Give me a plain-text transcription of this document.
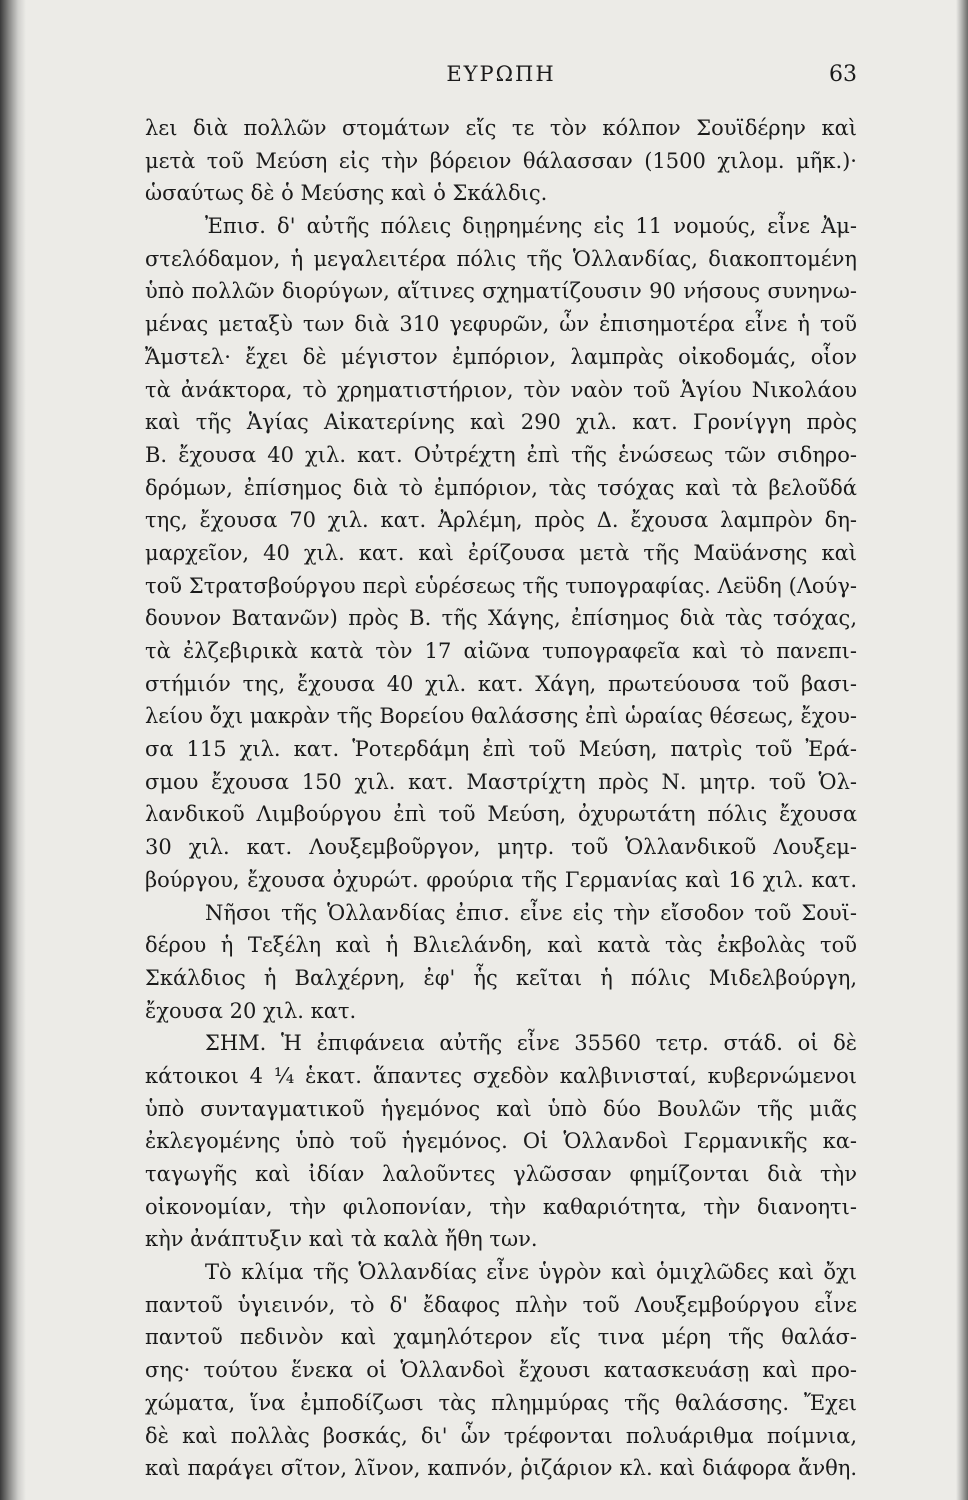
ΕΥΡΩΠΗ	63
λει διὰ πολλῶν στομάτων εἴς τε τὸν κόλπον Σουϊδέρην καὶ
μετὰ τοῦ Μεύση εἰς τὴν βόρειον θάλασσαν (1500 χιλομ. μῆκ.)·
ὡσαύτως δὲ ὁ Μεύσης καὶ ὁ Σκάλδις.
Ἐπισ. δ' αὐτῆς πόλεις διῃρημένης εἰς 11 νομούς, εἶνε Ἀμ-
στελόδαμον, ἡ μεγαλειτέρα πόλις τῆς Ὁλλανδίας, διακοπτομένη
ὑπὸ πολλῶν διορύγων, αἵτινες σχηματίζουσιν 90 νήσους συνηνω-
μένας μεταξὺ των διὰ 310 γεφυρῶν, ὧν ἐπισημοτέρα εἶνε ἡ τοῦ
Ἄμστελ· ἔχει δὲ μέγιστον ἐμπόριον, λαμπρὰς οἰκοδομάς, οἷον
τὰ ἀνάκτορα, τὸ χρηματιστήριον, τὸν ναὸν τοῦ Ἁγίου Νικολάου
καὶ τῆς Ἁγίας Αἰκατερίνης καὶ 290 χιλ. κατ. Γρονίγγη πρὸς
Β. ἔχουσα 40 χιλ. κατ. Οὐτρέχτη ἐπὶ τῆς ἑνώσεως τῶν σιδηρο-
δρόμων, ἐπίσημος διὰ τὸ ἐμπόριον, τὰς τσόχας καὶ τὰ βελοῦδά
της, ἔχουσα 70 χιλ. κατ. Ἀρλέμη, πρὸς Δ. ἔχουσα λαμπρὸν δη-
μαρχεῖον, 40 χιλ. κατ. καὶ ἐρίζουσα μετὰ τῆς Μαϋάνσης καὶ
τοῦ Στρατσβούργου περὶ εὑρέσεως τῆς τυπογραφίας. Λεϋδη (Λούγ-
δουνον Βατανῶν) πρὸς Β. τῆς Χάγης, ἐπίσημος διὰ τὰς τσόχας,
τὰ ἐλζεβιρικὰ κατὰ τὸν 17 αἰῶνα τυπογραφεῖα καὶ τὸ πανεπι-
στήμιόν της, ἔχουσα 40 χιλ. κατ. Χάγη, πρωτεύουσα τοῦ βασι-
λείου ὄχι μακρὰν τῆς Βορείου θαλάσσης ἐπὶ ὡραίας θέσεως, ἔχου-
σα 115 χιλ. κατ. Ῥοτερδάμη ἐπὶ τοῦ Μεύση, πατρὶς τοῦ Ἐρά-
σμου ἔχουσα 150 χιλ. κατ. Μαστρίχτη πρὸς Ν. μητρ. τοῦ Ὁλ-
λανδικοῦ Λιμβούργου ἐπὶ τοῦ Μεύση, ὀχυρωτάτη πόλις ἔχουσα
30 χιλ. κατ. Λουξεμβοῦργον, μητρ. τοῦ Ὁλλανδικοῦ Λουξεμ-
βούργου, ἔχουσα ὀχυρώτ. φρούρια τῆς Γερμανίας καὶ 16 χιλ. κατ.
Νῆσοι τῆς Ὁλλανδίας ἐπισ. εἶνε εἰς τὴν εἴσοδον τοῦ Σουϊ-
δέρου ἡ Τεξέλη καὶ ἡ Βλιελάνδη, καὶ κατὰ τὰς ἐκβολὰς τοῦ
Σκάλδιος ἡ Βαλχέρνη, ἐφ' ἧς κεῖται ἡ πόλις Μιδελβούργη,
ἔχουσα 20 χιλ. κατ.
ΣΗΜ. Ἡ ἐπιφάνεια αὐτῆς εἶνε 35560 τετρ. στάδ. οἱ δὲ
κάτοικοι 4 ¼ ἑκατ. ἅπαντες σχεδὸν καλβινισταί, κυβερνώμενοι
ὑπὸ συνταγματικοῦ ἡγεμόνος καὶ ὑπὸ δύο Βουλῶν τῆς μιᾶς
ἐκλεγομένης ὑπὸ τοῦ ἡγεμόνος. Οἱ Ὁλλανδοὶ Γερμανικῆς κα-
ταγωγῆς καὶ ἰδίαν λαλοῦντες γλῶσσαν φημίζονται διὰ τὴν
οἰκονομίαν, τὴν φιλοπονίαν, τὴν καθαριότητα, τὴν διανοητι-
κὴν ἀνάπτυξιν καὶ τὰ καλὰ ἤθη των.
Τὸ κλίμα τῆς Ὁλλανδίας εἶνε ὑγρὸν καὶ ὁμιχλῶδες καὶ ὄχι
παντοῦ ὑγιεινόν, τὸ δ' ἔδαφος πλὴν τοῦ Λουξεμβούργου εἶνε
παντοῦ πεδινὸν καὶ χαμηλότερον εἴς τινα μέρη τῆς θαλάσ-
σης· τούτου ἕνεκα οἱ Ὁλλανδοὶ ἔχουσι κατασκευάσῃ καὶ προ-
χώματα, ἵνα ἐμποδίζωσι τὰς πλημμύρας τῆς θαλάσσης. Ἔχει
δὲ καὶ πολλὰς βοσκάς, δι' ὧν τρέφονται πολυάριθμα ποίμνια,
καὶ παράγει σῖτον, λῖνον, καπνόν, ῥιζάριον κλ. καὶ διάφορα ἄνθη.
